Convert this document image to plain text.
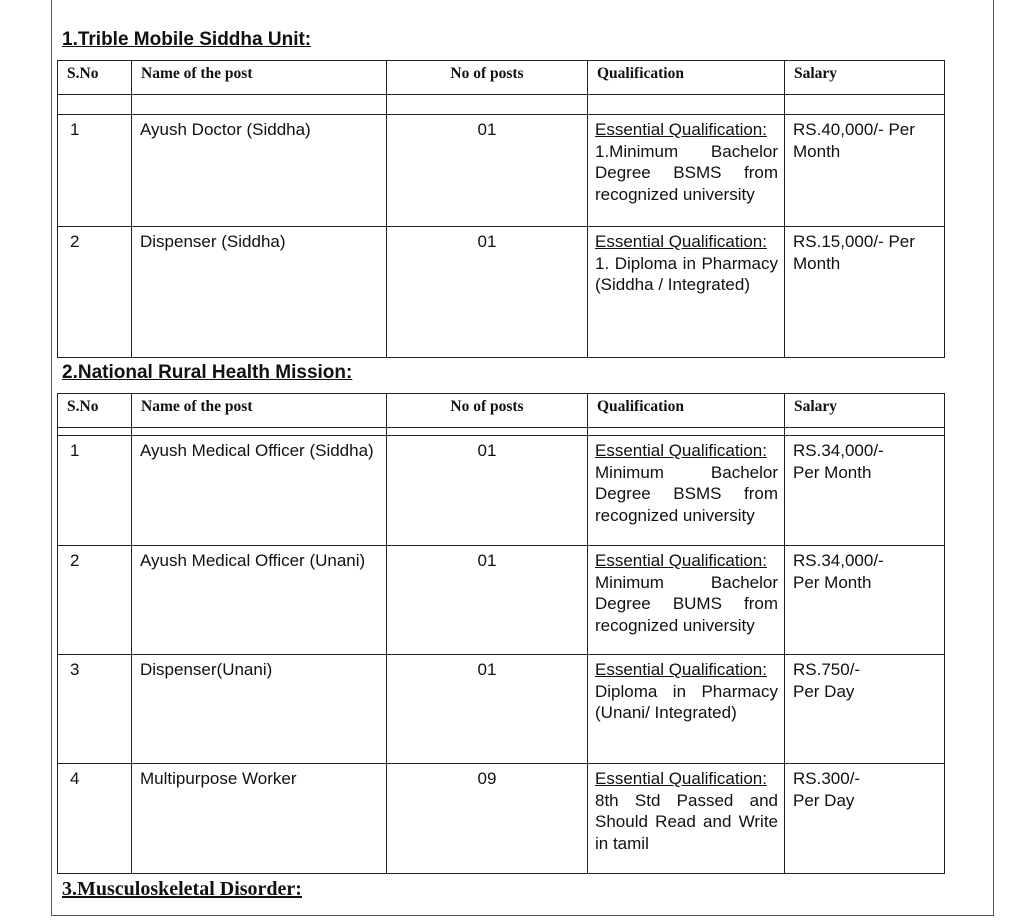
1.Trible Mobile Siddha Unit:
S.No	Name of the post	No of posts	Qualification	Salary

1	Ayush Doctor (Siddha)	01	Essential Qualification:
1.Minimum Bachelor Degree BSMS from recognized university	RS.40,000/- Per Month
2	Dispenser (Siddha)	01	Essential Qualification:
1. Diploma in Pharmacy (Siddha / Integrated)	RS.15,000/- Per Month
2.National Rural Health Mission:
S.No	Name of the post	No of posts	Qualification	Salary

1	Ayush Medical Officer (Siddha)	01	Essential Qualification:
Minimum Bachelor Degree BSMS from recognized university	RS.34,000/-
Per Month
2	Ayush Medical Officer (Unani)	01	Essential Qualification:
Minimum Bachelor Degree BUMS from recognized university	RS.34,000/-
Per Month
3	Dispenser(Unani)	01	Essential Qualification:
Diploma in Pharmacy (Unani/ Integrated)	RS.750/-
Per Day
4	Multipurpose Worker	09	Essential Qualification:
8th Std Passed and Should Read and Write in tamil	RS.300/-
Per Day
3.Musculoskeletal Disorder:
